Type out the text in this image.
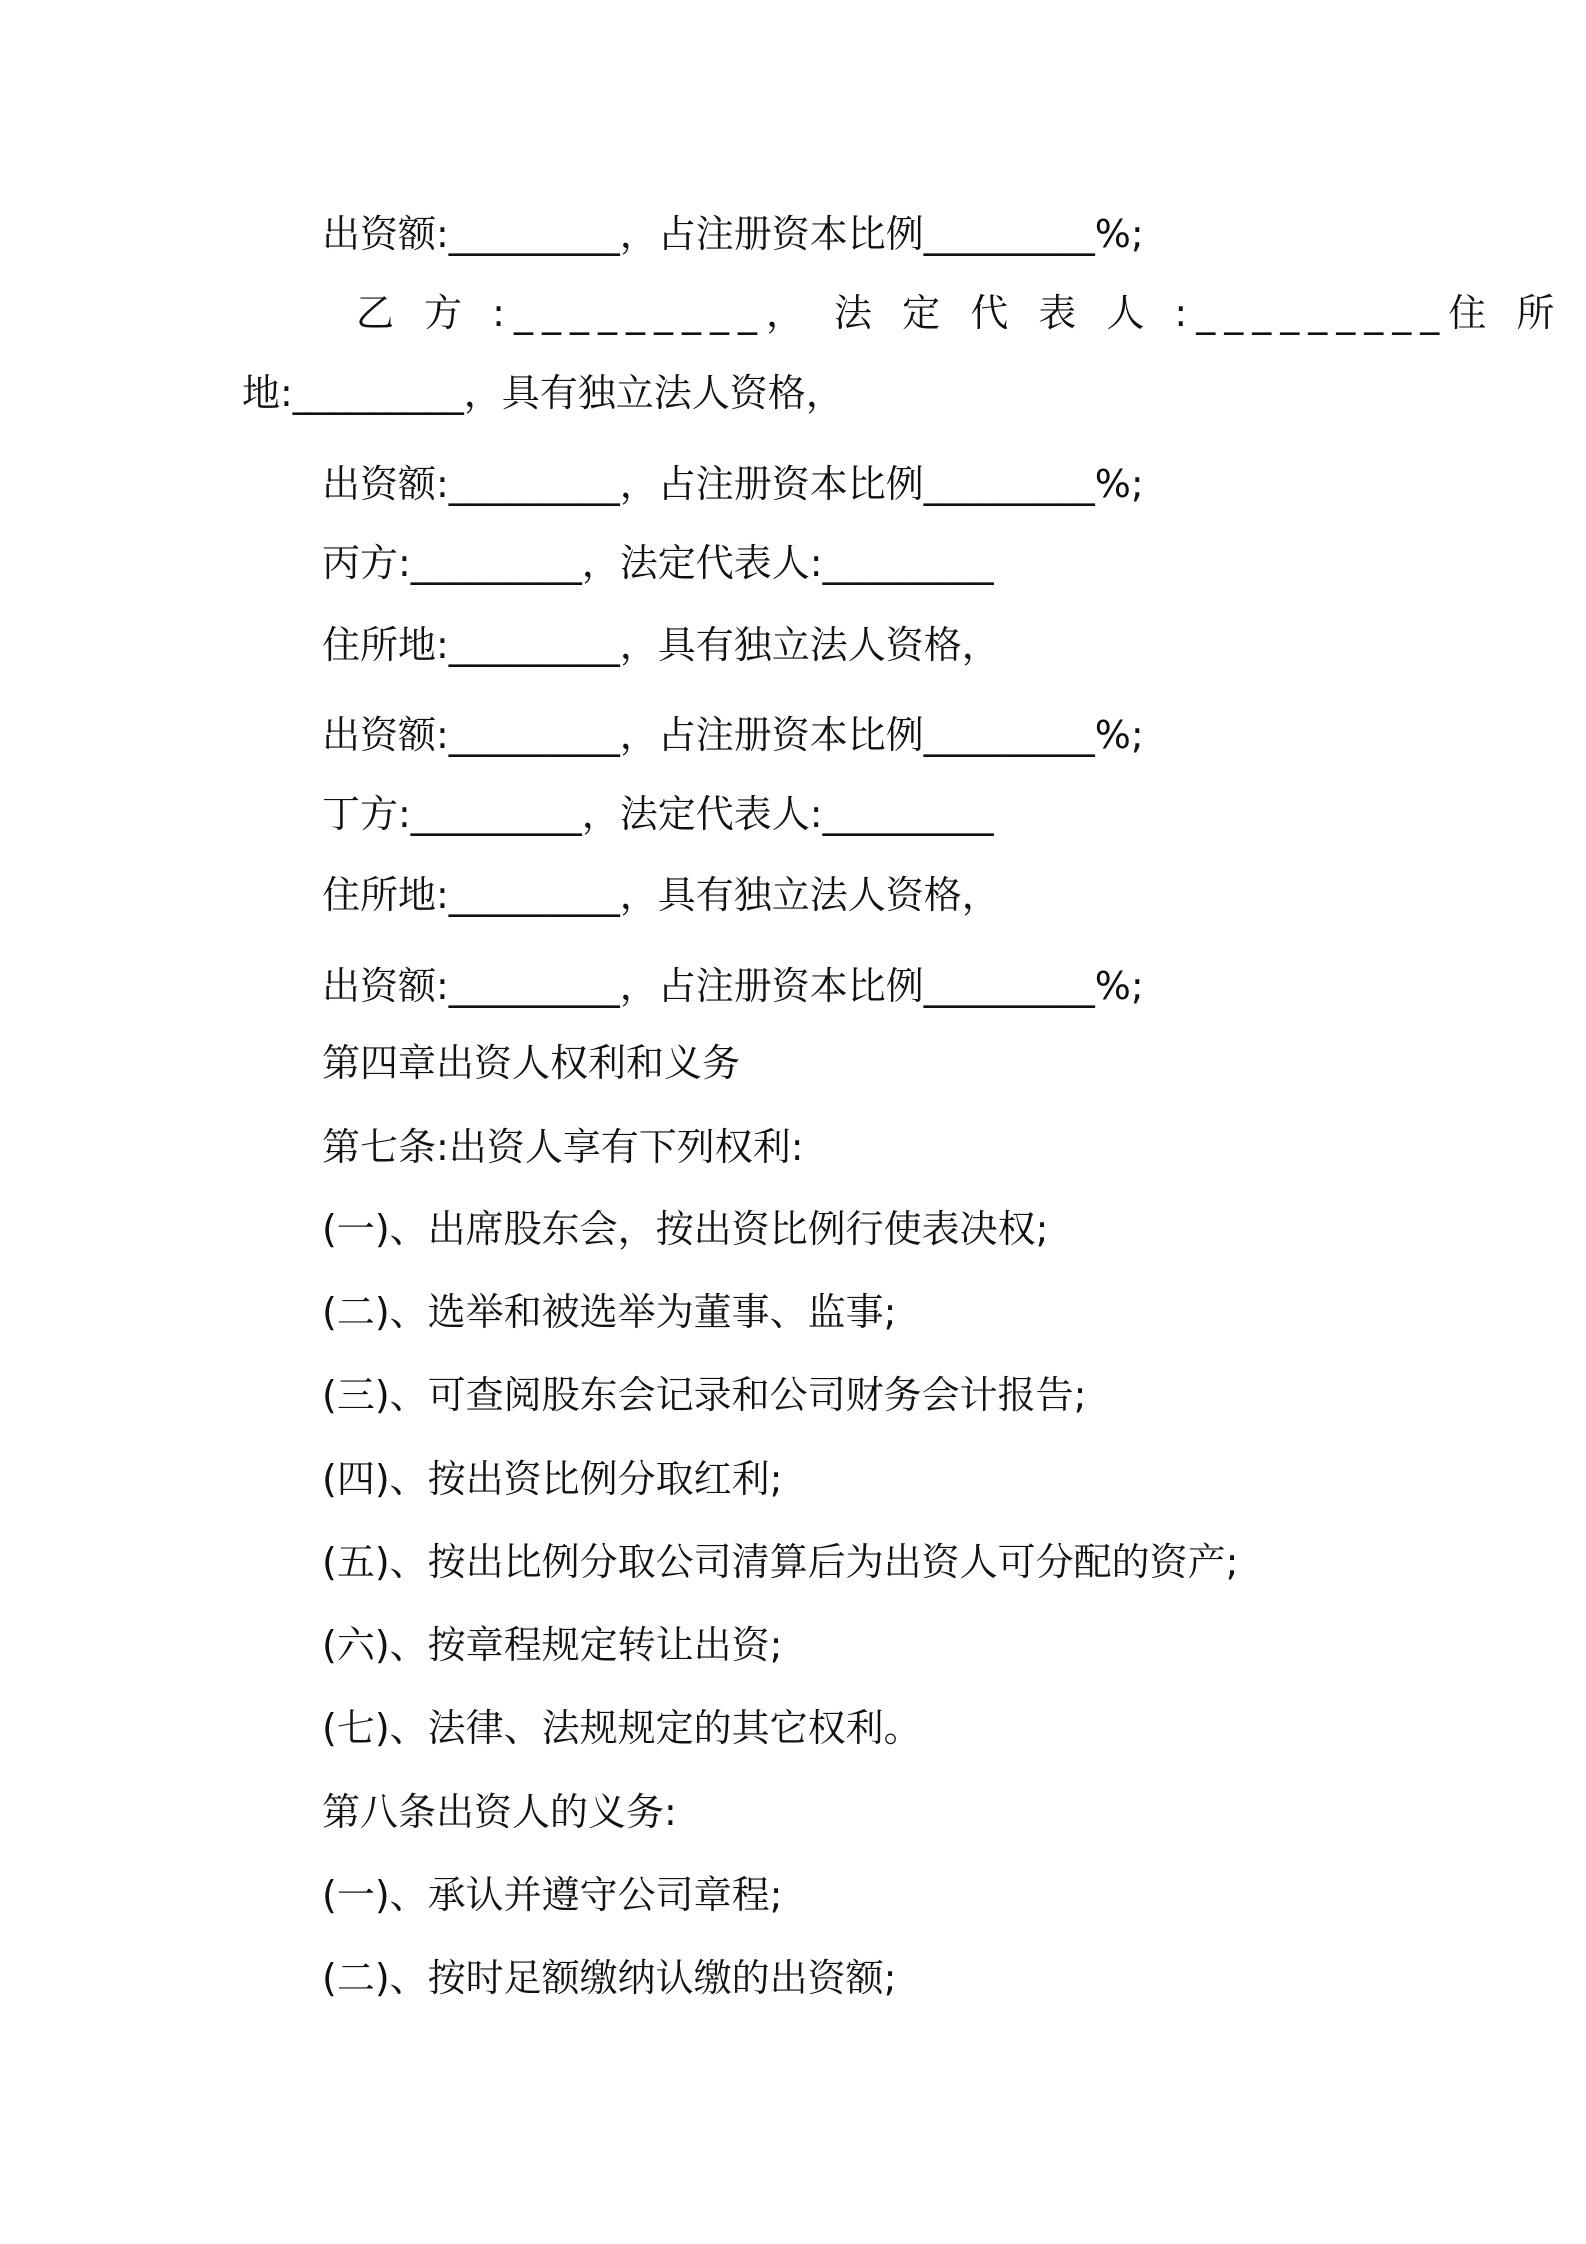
出资额:_________，占注册资本比例_________%;

乙 方 :_________， 法 定 代 表 人 :_________住 所

地:_________，具有独立法人资格，

出资额:_________，占注册资本比例_________%;

丙方:_________，法定代表人:_________

住所地:_________，具有独立法人资格，

出资额:_________，占注册资本比例_________%;

丁方:_________，法定代表人:_________

住所地:_________，具有独立法人资格，

出资额:_________，占注册资本比例_________%;

第四章出资人权利和义务

第七条:出资人享有下列权利:

(一)、出席股东会，按出资比例行使表决权;

(二)、选举和被选举为董事、监事;

(三)、可查阅股东会记录和公司财务会计报告;

(四)、按出资比例分取红利;

(五)、按出比例分取公司清算后为出资人可分配的资产;

(六)、按章程规定转让出资;

(七)、法律、法规规定的其它权利。

第八条出资人的义务:

(一)、承认并遵守公司章程;

(二)、按时足额缴纳认缴的出资额;
